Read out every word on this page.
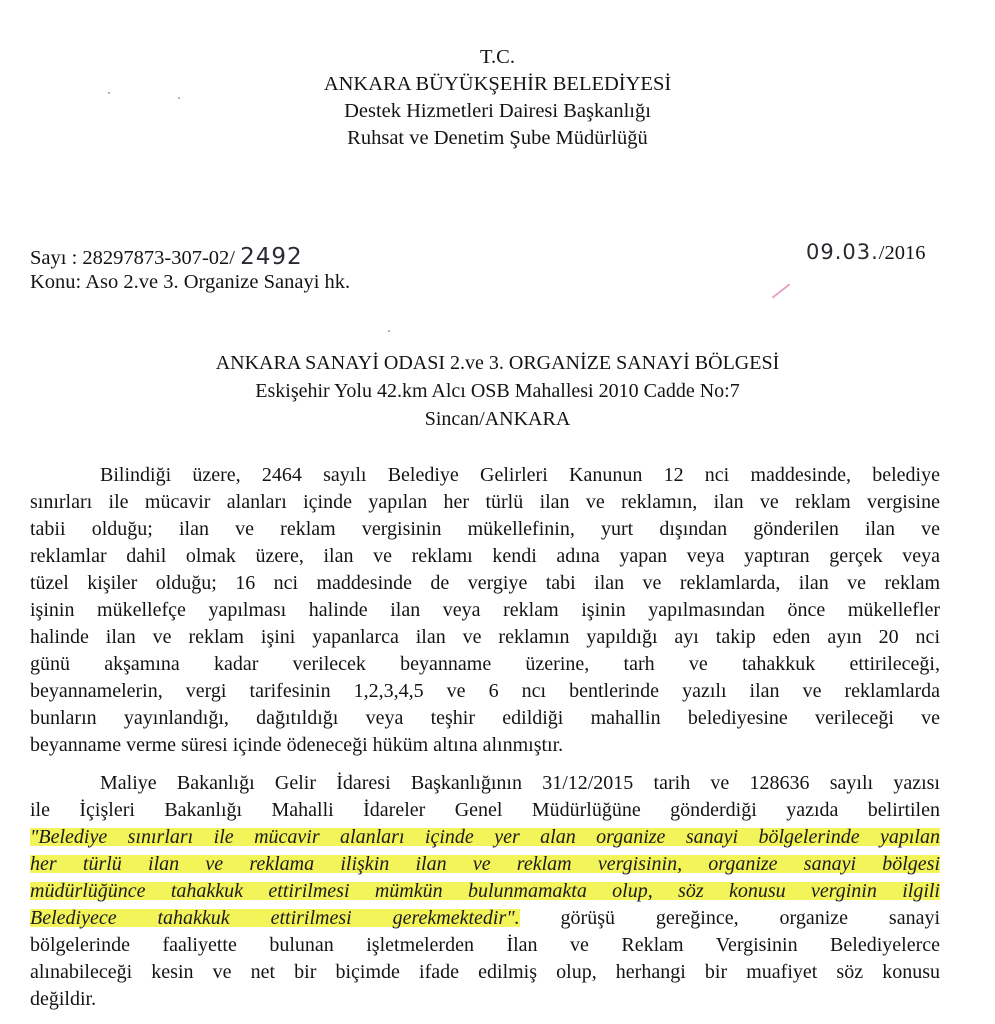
T.C.
ANKARA BÜYÜKŞEHİR BELEDİYESİ
Destek Hizmetleri Dairesi Başkanlığı
Ruhsat ve Denetim Şube Müdürlüğü
Sayı : 28297873-307-02/ 2492	09.03./2016
Konu: Aso 2.ve 3. Organize Sanayi hk.
ANKARA SANAYİ ODASI 2.ve 3. ORGANİZE SANAYİ BÖLGESİ
Eskişehir Yolu 42.km Alcı OSB Mahallesi 2010 Cadde No:7
Sincan/ANKARA
Bilindiği üzere, 2464 sayılı Belediye Gelirleri Kanunun 12 nci maddesinde, belediye
sınırları ile mücavir alanları içinde yapılan her türlü ilan ve reklamın, ilan ve reklam vergisine
tabii olduğu; ilan ve reklam vergisinin mükellefinin, yurt dışından gönderilen ilan ve
reklamlar dahil olmak üzere, ilan ve reklamı kendi adına yapan veya yaptıran gerçek veya
tüzel kişiler olduğu; 16 nci maddesinde de vergiye tabi ilan ve reklamlarda, ilan ve reklam
işinin mükellefçe yapılması halinde ilan veya reklam işinin yapılmasından önce mükellefler
halinde ilan ve reklam işini yapanlarca ilan ve reklamın yapıldığı ayı takip eden ayın 20 nci
günü akşamına kadar verilecek beyanname üzerine, tarh ve tahakkuk ettirileceği,
beyannamelerin, vergi tarifesinin 1,2,3,4,5 ve 6 ncı bentlerinde yazılı ilan ve reklamlarda
bunların yayınlandığı, dağıtıldığı veya teşhir edildiği mahallin belediyesine verileceği ve
beyanname verme süresi içinde ödeneceği hüküm altına alınmıştır.
Maliye Bakanlığı Gelir İdaresi Başkanlığının 31/12/2015 tarih ve 128636 sayılı yazısı
ile İçişleri Bakanlığı Mahalli İdareler Genel Müdürlüğüne gönderdiği yazıda belirtilen
"Belediye sınırları ile mücavir alanları içinde yer alan organize sanayi bölgelerinde yapılan
her türlü ilan ve reklama ilişkin ilan ve reklam vergisinin, organize sanayi bölgesi
müdürlüğünce tahakkuk ettirilmesi mümkün bulunmamakta olup, söz konusu verginin ilgili
Belediyece tahakkuk ettirilmesi gerekmektedir". görüşü gereğince, organize sanayi
bölgelerinde faaliyette bulunan işletmelerden İlan ve Reklam Vergisinin Belediyelerce
alınabileceği kesin ve net bir biçimde ifade edilmiş olup, herhangi bir muafiyet söz konusu
değildir.
